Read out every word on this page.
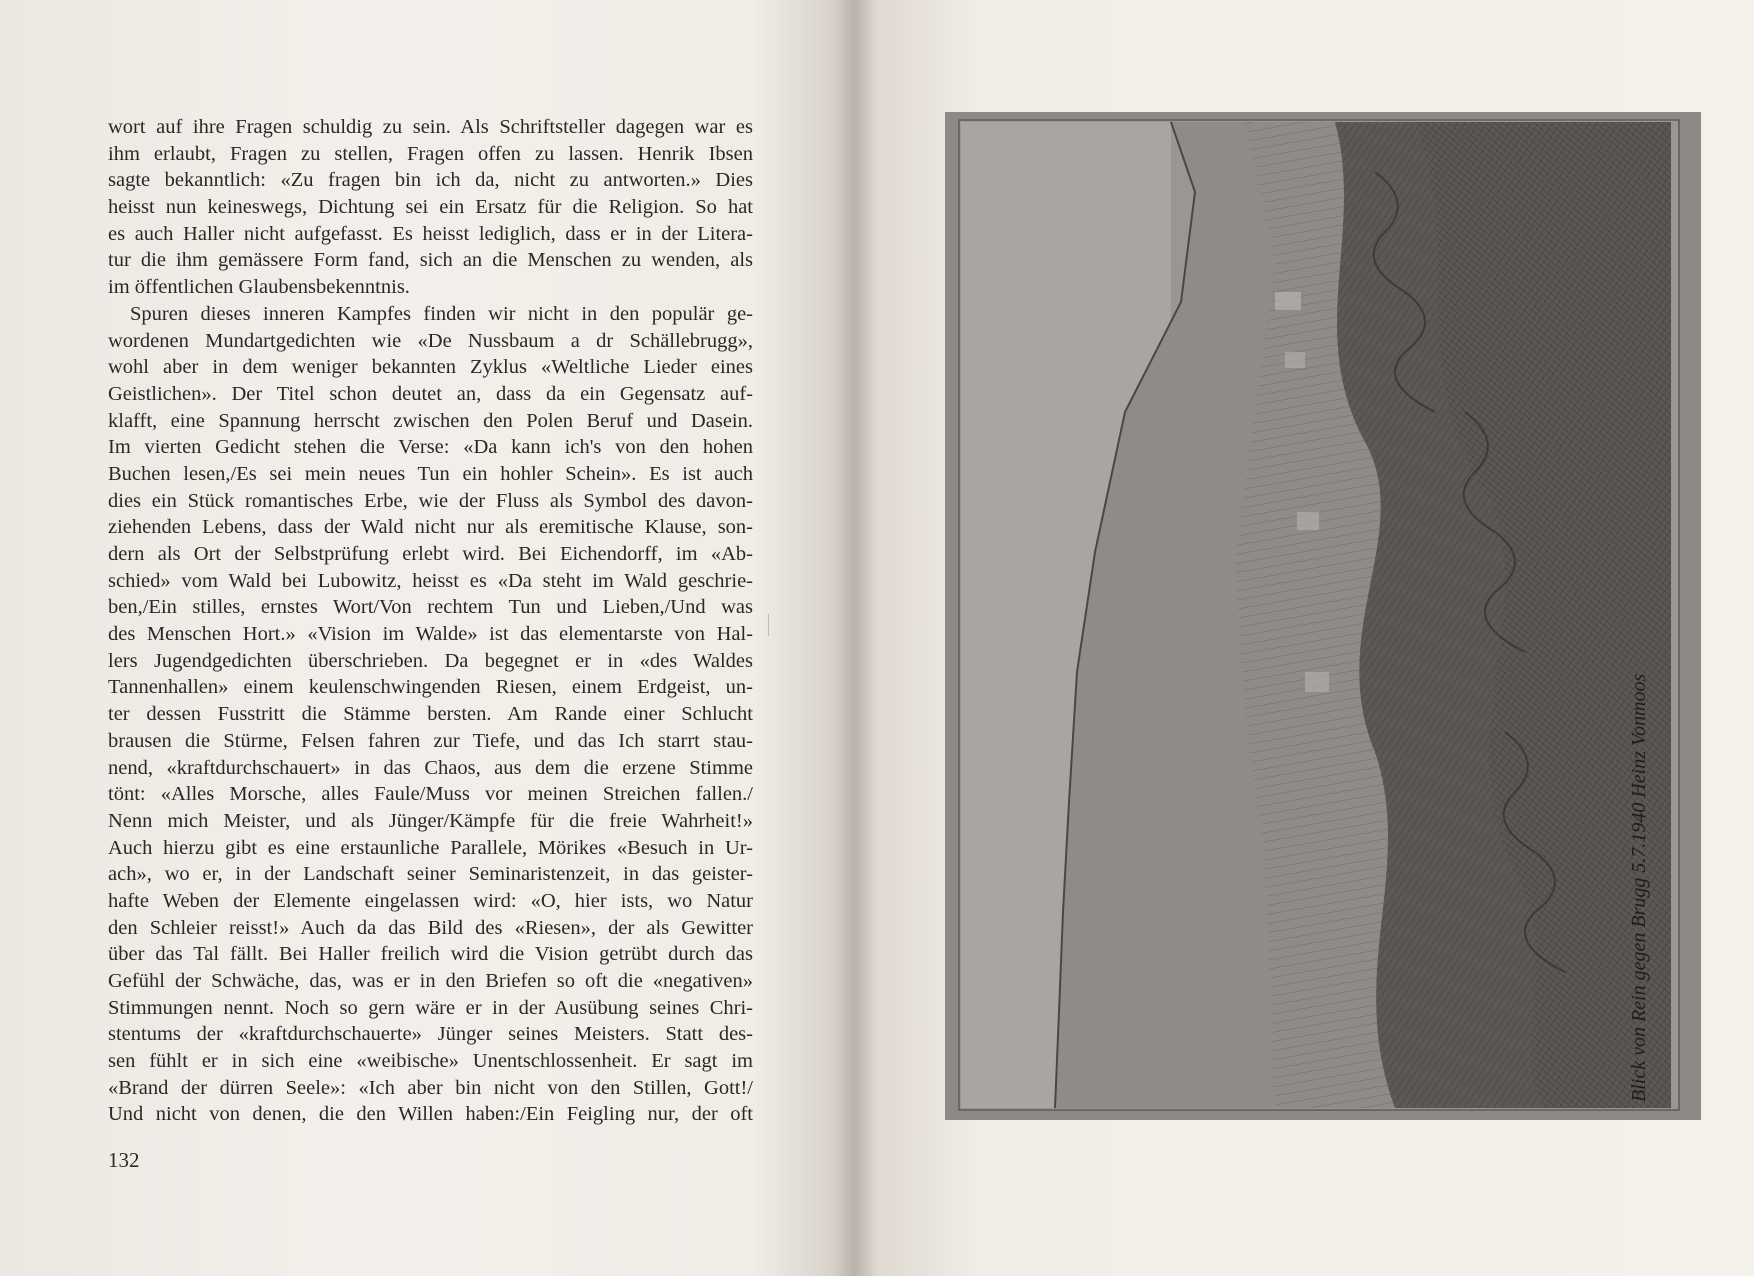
wort auf ihre Fragen schuldig zu sein. Als Schriftsteller dagegen war es
ihm erlaubt, Fragen zu stellen, Fragen offen zu lassen. Henrik Ibsen
sagte bekanntlich: «Zu fragen bin ich da, nicht zu antworten.» Dies
heisst nun keineswegs, Dichtung sei ein Ersatz für die Religion. So hat
es auch Haller nicht aufgefasst. Es heisst lediglich, dass er in der Litera-
tur die ihm gemässere Form fand, sich an die Menschen zu wenden, als
im öffentlichen Glaubensbekenntnis.
Spuren dieses inneren Kampfes finden wir nicht in den populär ge-
wordenen Mundartgedichten wie «De Nussbaum a dr Schällebrugg»,
wohl aber in dem weniger bekannten Zyklus «Weltliche Lieder eines
Geistlichen». Der Titel schon deutet an, dass da ein Gegensatz auf-
klafft, eine Spannung herrscht zwischen den Polen Beruf und Dasein.
Im vierten Gedicht stehen die Verse: «Da kann ich's von den hohen
Buchen lesen,/Es sei mein neues Tun ein hohler Schein». Es ist auch
dies ein Stück romantisches Erbe, wie der Fluss als Symbol des davon-
ziehenden Lebens, dass der Wald nicht nur als eremitische Klause, son-
dern als Ort der Selbstprüfung erlebt wird. Bei Eichendorff, im «Ab-
schied» vom Wald bei Lubowitz, heisst es «Da steht im Wald geschrie-
ben,/Ein stilles, ernstes Wort/Von rechtem Tun und Lieben,/Und was
des Menschen Hort.» «Vision im Walde» ist das elementarste von Hal-
lers Jugendgedichten überschrieben. Da begegnet er in «des Waldes
Tannenhallen» einem keulenschwingenden Riesen, einem Erdgeist, un-
ter dessen Fusstritt die Stämme bersten. Am Rande einer Schlucht
brausen die Stürme, Felsen fahren zur Tiefe, und das Ich starrt stau-
nend, «kraftdurchschauert» in das Chaos, aus dem die erzene Stimme
tönt: «Alles Morsche, alles Faule/Muss vor meinen Streichen fallen./
Nenn mich Meister, und als Jünger/Kämpfe für die freie Wahrheit!»
Auch hierzu gibt es eine erstaunliche Parallele, Mörikes «Besuch in Ur-
ach», wo er, in der Landschaft seiner Seminaristenzeit, in das geister-
hafte Weben der Elemente eingelassen wird: «O, hier ists, wo Natur
den Schleier reisst!» Auch da das Bild des «Riesen», der als Gewitter
über das Tal fällt. Bei Haller freilich wird die Vision getrübt durch das
Gefühl der Schwäche, das, was er in den Briefen so oft die «negativen»
Stimmungen nennt. Noch so gern wäre er in der Ausübung seines Chri-
stentums der «kraftdurchschauerte» Jünger seines Meisters. Statt des-
sen fühlt er in sich eine «weibische» Unentschlossenheit. Er sagt im
«Brand der dürren Seele»: «Ich aber bin nicht von den Stillen, Gott!/
Und nicht von denen, die den Willen haben:/Ein Feigling nur, der oft
132
Blick von Rein gegen Brugg 5.7.1940 Heinz Vonmoos
